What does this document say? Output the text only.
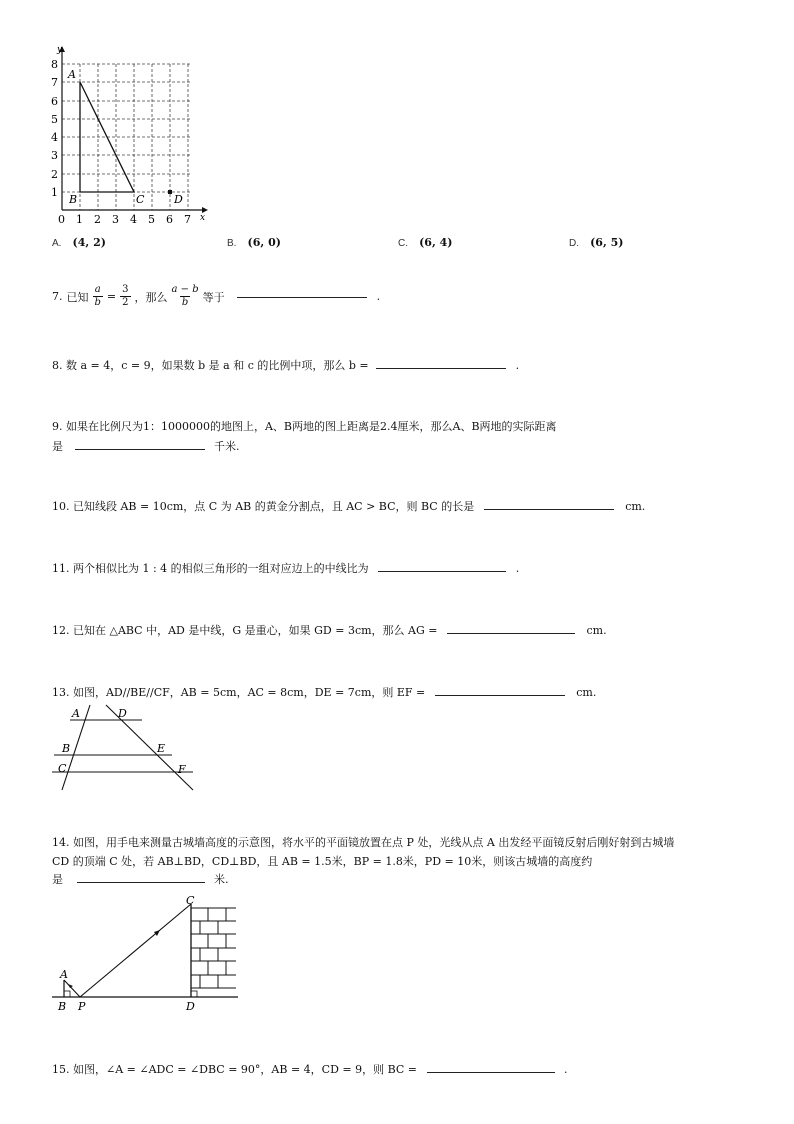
y
x
0
1
2
3
4
5
6
7
8
1 2 3 4 5 6 7
A
B	C	D
A. (4, 2)	B. (6, 0)	C. (6, 4)	D. (6, 5)
7. 已知 $\frac{a}{b} = \frac{3}{2}$ ，那么 $\frac{a - b}{b}$ 等于	.
8. 数 a = 4，c = 9，如果数 b 是 a 和 c 的比例中项，那么 b =	.
9. 如果在比例尺为1：1000000的地图上，A、B两地的图上距离是2.4厘米，那么A、B两地的实际距离
是	千米.
10. 已知线段 AB = 10cm，点 C 为 AB 的黄金分割点，且 AC > BC，则 BC 的长是	cm.
11. 两个相似比为 1 : 4 的相似三角形的一组对应边上的中线比为	.
12. 已知在 △ABC 中，AD 是中线，G 是重心，如果 GD = 3cm，那么 AG =	cm.
13. 如图，AD//BE//CF，AB = 5cm，AC = 8cm，DE = 7cm，则 EF =	cm.
A	D
B	E
C	F
14. 如图，用手电来测量古城墙高度的示意图，将水平的平面镜放置在点 P 处，光线从点 A 出发经平面镜反射后刚好射到古城墙
CD 的顶端 C 处，若 AB⊥BD，CD⊥BD，且 AB = 1.5米，BP = 1.8米，PD = 10米，则该古城墙的高度约
是	米.
A
B P
C
D
15. 如图，∠A = ∠ADC = ∠DBC = 90°，AB = 4，CD = 9，则 BC =	.
